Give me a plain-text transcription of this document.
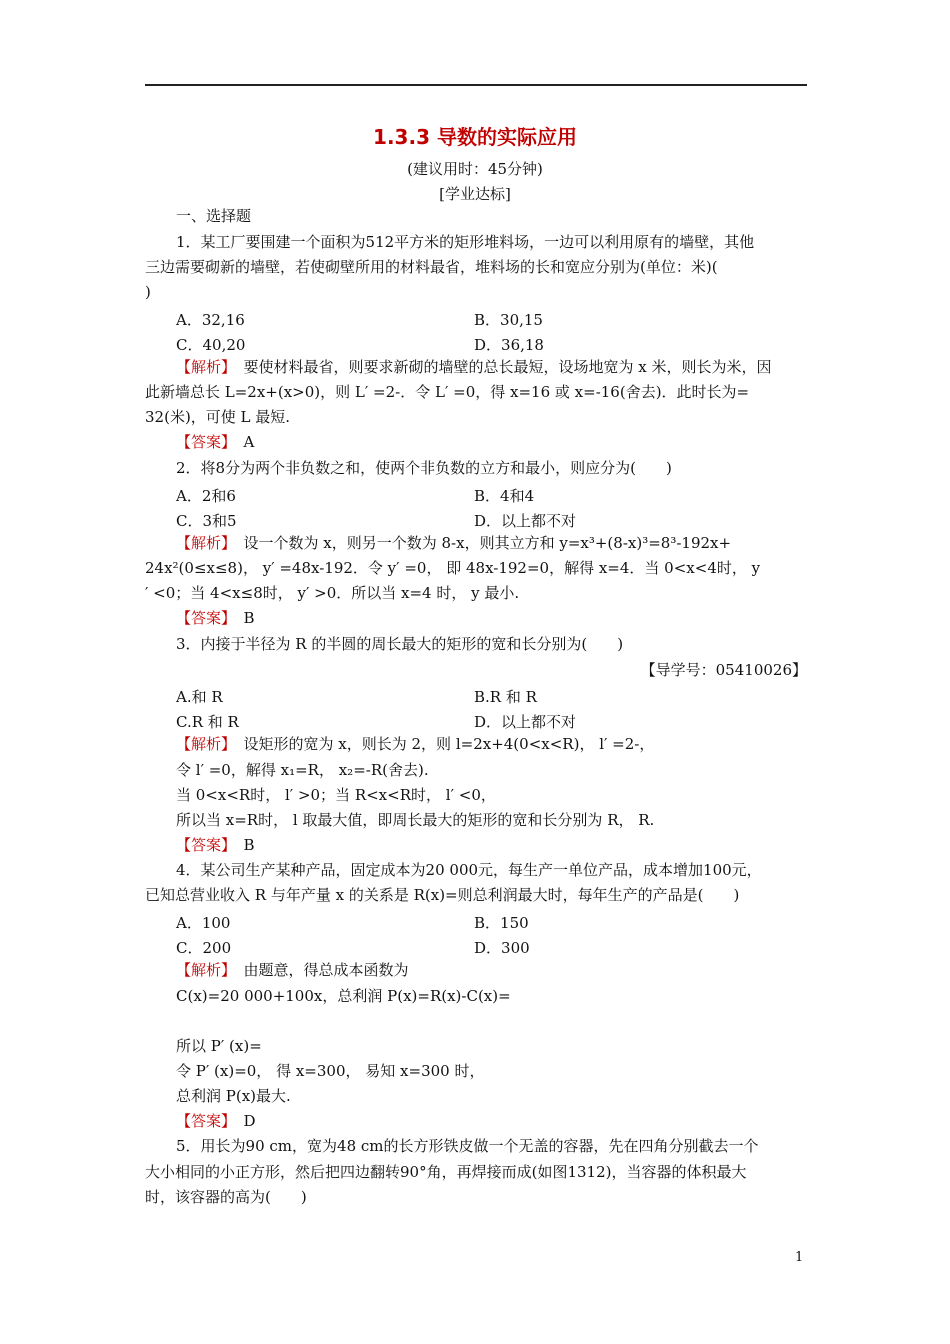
1.3.3 导数的实际应用
(建议用时：45分钟)
[学业达标]
一、选择题
1．某工厂要围建一个面积为512平方米的矩形堆料场，一边可以利用原有的墙壁，其他
三边需要砌新的墙壁，若使砌壁所用的材料最省，堆料场的长和宽应分别为(单位：米)(
)
A．32,16	B．30,15
C．40,20	D．36,18
【解析】　要使材料最省，则要求新砌的墙壁的总长最短，设场地宽为 x 米，则长为米，因
此新墙总长 L=2x+(x>0)，则 L′ =2-．令 L′ =0，得 x=16 或 x=-16(舍去)．此时长为=
32(米)，可使 L 最短.
【答案】　A
2．将8分为两个非负数之和，使两个非负数的立方和最小，则应分为(　　)
A．2和6	B．4和4
C．3和5	D．以上都不对
【解析】　设一个数为 x，则另一个数为 8-x，则其立方和 y=x³+(8-x)³=8³-192x+
24x²(0≤x≤8)， y′ =48x-192．令 y′ =0， 即 48x-192=0，解得 x=4．当 0<x<4时， y
′ <0；当 4<x≤8时， y′ >0．所以当 x=4 时， y 最小.
【答案】　B
3．内接于半径为 R 的半圆的周长最大的矩形的宽和长分别为(　　)
【导学号：05410026】
A.和 R	B.R 和 R
C.R 和 R	D．以上都不对
【解析】　设矩形的宽为 x，则长为 2，则 l=2x+4(0<x<R)， l′ =2-，
令 l′ =0，解得 x₁=R， x₂=-R(舍去).
当 0<x<R时， l′ >0；当 R<x<R时， l′ <0，
所以当 x=R时， l 取最大值，即周长最大的矩形的宽和长分别为 R， R.
【答案】　B
4．某公司生产某种产品，固定成本为20 000元，每生产一单位产品，成本增加100元，
已知总营业收入 R 与年产量 x 的关系是 R(x)=则总利润最大时，每年生产的产品是(　　)
A．100	B．150
C．200	D．300
【解析】　由题意，得总成本函数为
C(x)=20 000+100x，总利润 P(x)=R(x)-C(x)=
所以 P′ (x)=
令 P′ (x)=0， 得 x=300， 易知 x=300 时，
总利润 P(x)最大.
【答案】　D
5．用长为90 cm，宽为48 cm的长方形铁皮做一个无盖的容器，先在四角分别截去一个
大小相同的小正方形，然后把四边翻转90°角，再焊接而成(如图1312)，当容器的体积最大
时，该容器的高为(　　)
1
